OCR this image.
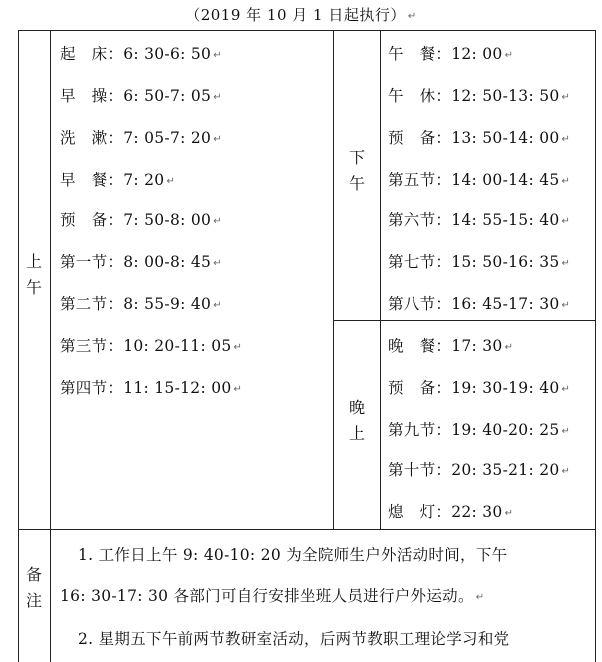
（2019 年 10 月 1 日起执行） ↵
上
午
起　床：6: 30-6: 50 ↵
早　操：6: 50-7: 05 ↵
洗　漱：7: 05-7: 20 ↵
早　餐：7: 20 ↵
预　备：7: 50-8: 00 ↵
第一节：8: 00-8: 45 ↵
第二节：8: 55-9: 40 ↵
第三节：10: 20-11: 05 ↵
第四节：11: 15-12: 00 ↵
下
午
午　餐：12: 00 ↵
午　休：12: 50-13: 50 ↵
预　备：13: 50-14: 00 ↵
第五节：14: 00-14: 45 ↵
第六节：14: 55-15: 40 ↵
第七节：15: 50-16: 35 ↵
第八节：16: 45-17: 30 ↵
晚
上
晚　餐：17: 30 ↵
预　备：19: 30-19: 40 ↵
第九节：19: 40-20: 25 ↵
第十节：20: 35-21: 20 ↵
熄　灯：22: 30 ↵
备
注
1. 工作日上午 9: 40-10: 20 为全院师生户外活动时间，下午
16: 30-17: 30 各部门可自行安排坐班人员进行户外运动。 ↵
2. 星期五下午前两节教研室活动，后两节教职工理论学习和党
